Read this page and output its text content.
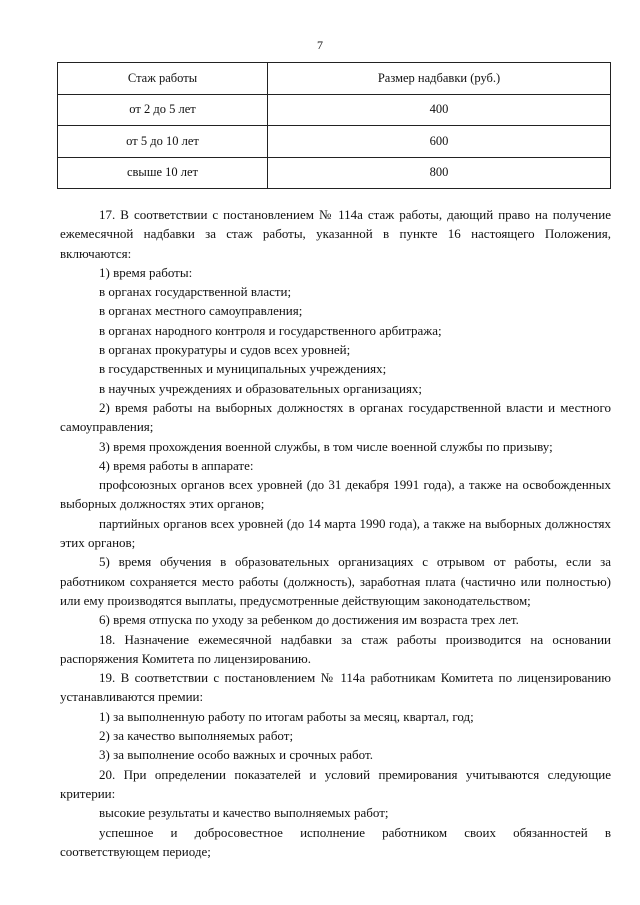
7
Стаж работы	Размер надбавки (руб.)
от 2 до 5 лет	400
от 5 до 10 лет	600
свыше 10 лет	800

17. В соответствии с постановлением № 114а стаж работы, дающий право на получение ежемесячной надбавки за стаж работы, указанной в пункте 16 настоящего Положения, включаются:

1) время работы:

в органах государственной власти;

в органах местного самоуправления;

в органах народного контроля и государственного арбитража;

в органах прокуратуры и судов всех уровней;

в государственных и муниципальных учреждениях;

в научных учреждениях и образовательных организациях;

2) время работы на выборных должностях в органах государственной власти и местного самоуправления;

3) время прохождения военной службы, в том числе военной службы по призыву;

4) время работы в аппарате:

профсоюзных органов всех уровней (до 31 декабря 1991 года), а также на освобожденных выборных должностях этих органов;

партийных органов всех уровней (до 14 марта 1990 года), а также на выборных должностях этих органов;

5) время обучения в образовательных организациях с отрывом от работы, если за работником сохраняется место работы (должность), заработная плата (частично или полностью) или ему производятся выплаты, предусмотренные действующим законодательством;

6) время отпуска по уходу за ребенком до достижения им возраста трех лет.

18. Назначение ежемесячной надбавки за стаж работы производится на основании распоряжения Комитета по лицензированию.

19. В соответствии с постановлением № 114а работникам Комитета по лицензированию устанавливаются премии:

1) за выполненную работу по итогам работы за месяц, квартал, год;

2) за качество выполняемых работ;

3) за выполнение особо важных и срочных работ.

20. При определении показателей и условий премирования учитываются следующие критерии:

высокие результаты и качество выполняемых работ;

успешное и добросовестное исполнение работником своих обязанностей в соответствующем периоде;
